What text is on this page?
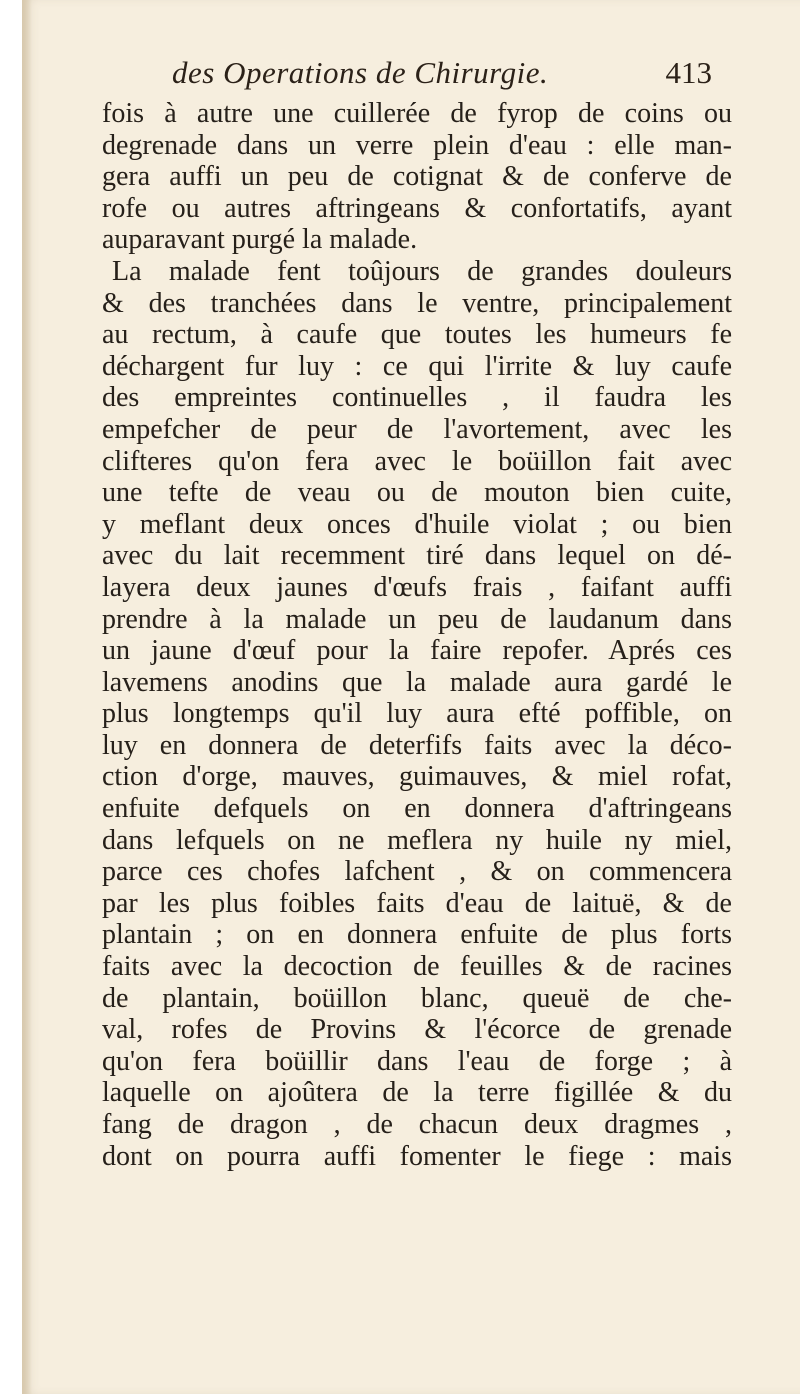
des Operations de Chirurgie.	413
fois à autre une cuillerée de fyrop de coins ou
degrenade dans un verre plein d'eau : elle man-
gera auffi un peu de cotignat & de conferve de
rofe ou autres aftringeans & confortatifs, ayant
auparavant purgé la malade.
La malade fent toûjours de grandes douleurs
& des tranchées dans le ventre, principalement
au rectum, à caufe que toutes les humeurs fe
déchargent fur luy : ce qui l'irrite & luy caufe
des empreintes continuelles , il faudra les
empefcher de peur de l'avortement, avec les
clifteres qu'on fera avec le boüillon fait avec
une tefte de veau ou de mouton bien cuite,
y meflant deux onces d'huile violat ; ou bien
avec du lait recemment tiré dans lequel on dé-
layera deux jaunes d'œufs frais , faifant auffi
prendre à la malade un peu de laudanum dans
un jaune d'œuf pour la faire repofer. Aprés ces
lavemens anodins que la malade aura gardé le
plus longtemps qu'il luy aura efté poffible, on
luy en donnera de deterfifs faits avec la déco-
ction d'orge, mauves, guimauves, & miel rofat,
enfuite defquels on en donnera d'aftringeans
dans lefquels on ne meflera ny huile ny miel,
parce ces chofes lafchent , & on commencera
par les plus foibles faits d'eau de laituë, & de
plantain ; on en donnera enfuite de plus forts
faits avec la decoction de feuilles & de racines
de plantain, boüillon blanc, queuë de che-
val, rofes de Provins & l'écorce de grenade
qu'on fera boüillir dans l'eau de forge ; à
laquelle on ajoûtera de la terre figillée & du
fang de dragon , de chacun deux dragmes ,
dont on pourra auffi fomenter le fiege : mais
